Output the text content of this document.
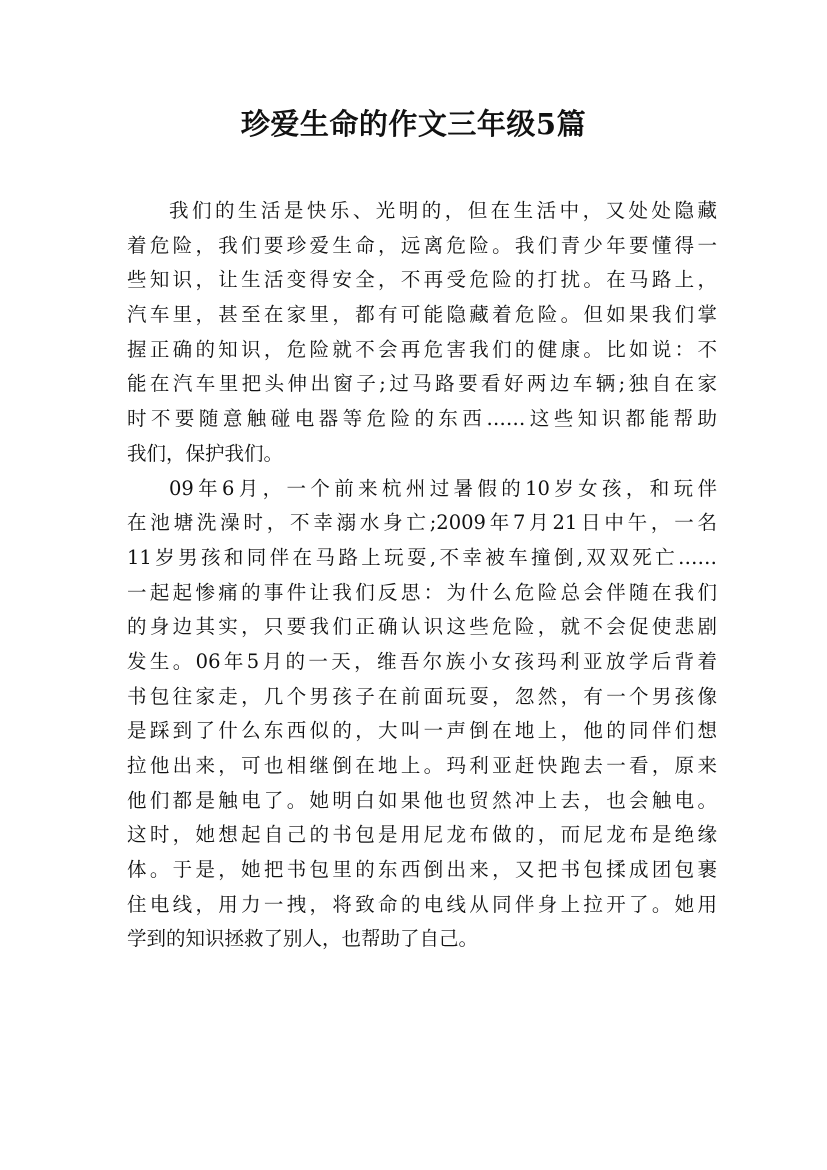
珍爱生命的作文三年级5篇
我们的生活是快乐、光明的，但在生活中，又处处隐藏
着危险，我们要珍爱生命，远离危险。我们青少年要懂得一
些知识，让生活变得安全，不再受危险的打扰。在马路上，
汽车里，甚至在家里，都有可能隐藏着危险。但如果我们掌
握正确的知识，危险就不会再危害我们的健康。比如说：不
能在汽车里把头伸出窗子;过马路要看好两边车辆;独自在家
时不要随意触碰电器等危险的东西……这些知识都能帮助
我们，保护我们。
09年6月，一个前来杭州过暑假的10岁女孩，和玩伴
在池塘洗澡时，不幸溺水身亡;2009年7月21日中午，一名
11岁男孩和同伴在马路上玩耍,不幸被车撞倒,双双死亡……
一起起惨痛的事件让我们反思：为什么危险总会伴随在我们
的身边其实，只要我们正确认识这些危险，就不会促使悲剧
发生。06年5月的一天，维吾尔族小女孩玛利亚放学后背着
书包往家走，几个男孩子在前面玩耍，忽然，有一个男孩像
是踩到了什么东西似的，大叫一声倒在地上，他的同伴们想
拉他出来，可也相继倒在地上。玛利亚赶快跑去一看，原来
他们都是触电了。她明白如果他也贸然冲上去，也会触电。
这时，她想起自己的书包是用尼龙布做的，而尼龙布是绝缘
体。于是，她把书包里的东西倒出来，又把书包揉成团包裹
住电线，用力一拽，将致命的电线从同伴身上拉开了。她用
学到的知识拯救了别人，也帮助了自己。
